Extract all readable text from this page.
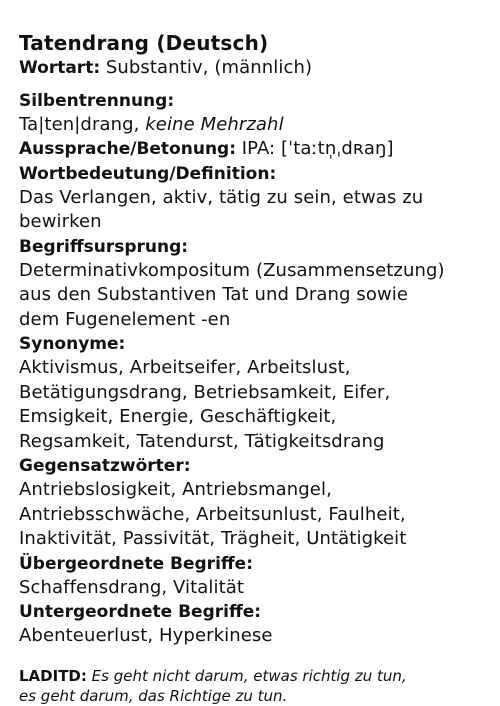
Tatendrang (Deutsch)
Wortart: Substantiv, (männlich)
Silbentrennung:
Ta|ten|drang, keine Mehrzahl
Aussprache/Betonung: IPA: [ˈtaːtn̩ˌdʀaŋ]
Wortbedeutung/Definition:
Das Verlangen, aktiv, tätig zu sein, etwas zu
bewirken
Begriffsursprung:
Determinativkompositum (Zusammensetzung)
aus den Substantiven Tat und Drang sowie
dem Fugenelement -en
Synonyme:
Aktivismus, Arbeitseifer, Arbeitslust,
Betätigungsdrang, Betriebsamkeit, Eifer,
Emsigkeit, Energie, Geschäftigkeit,
Regsamkeit, Tatendurst, Tätigkeitsdrang
Gegensatzwörter:
Antriebslosigkeit, Antriebsmangel,
Antriebsschwäche, Arbeitsunlust, Faulheit,
Inaktivität, Passivität, Trägheit, Untätigkeit
Übergeordnete Begriffe:
Schaffensdrang, Vitalität
Untergeordnete Begriffe:
Abenteuerlust, Hyperkinese
LADITD: Es geht nicht darum, etwas richtig zu tun,
es geht darum, das Richtige zu tun.
